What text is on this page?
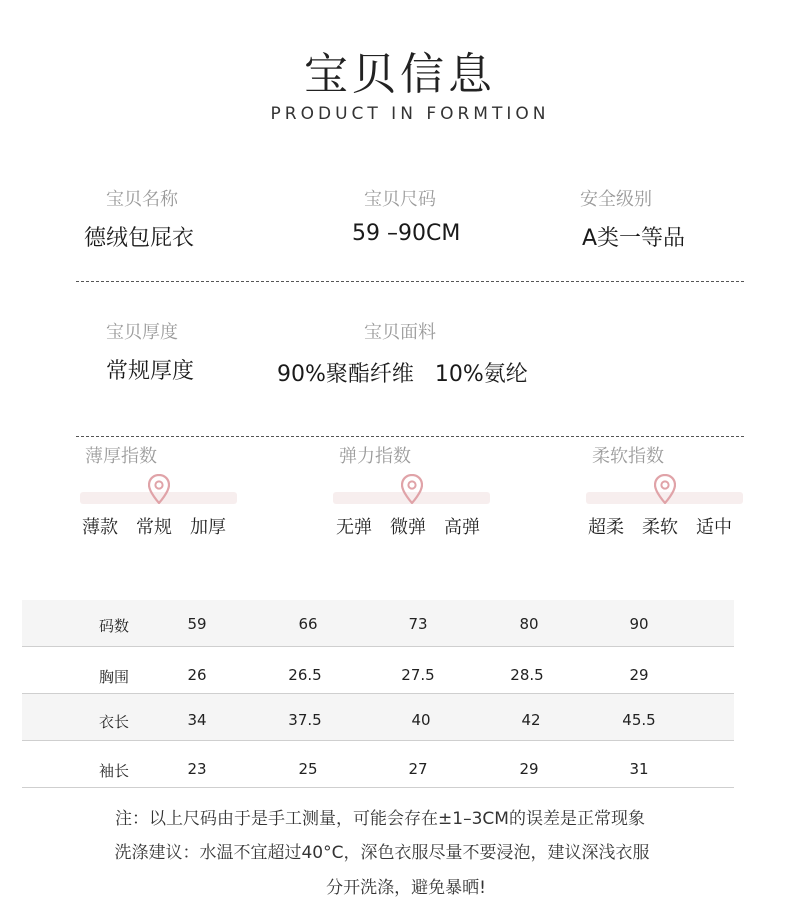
宝贝信息
PRODUCT IN FORMTION
宝贝名称
德绒包屁衣
宝贝尺码
59 –90CM
安全级别
A类一等品
宝贝厚度
常规厚度
宝贝面料
90%聚酯纤维   10%氨纶
薄厚指数
薄款 常规 加厚
弹力指数
无弹 微弹 高弹
柔软指数
超柔 柔软 适中
码数	59	66	73	80	90
胸围	26	26.5	27.5	28.5	29
衣长	34	37.5	40	42	45.5
袖长	23	25	27	29	31
注：以上尺码由于是手工测量，可能会存在±1–3CM的误差是正常现象
洗涤建议：水温不宜超过40°C，深色衣服尽量不要浸泡，建议深浅衣服
分开洗涤，避免暴晒!
